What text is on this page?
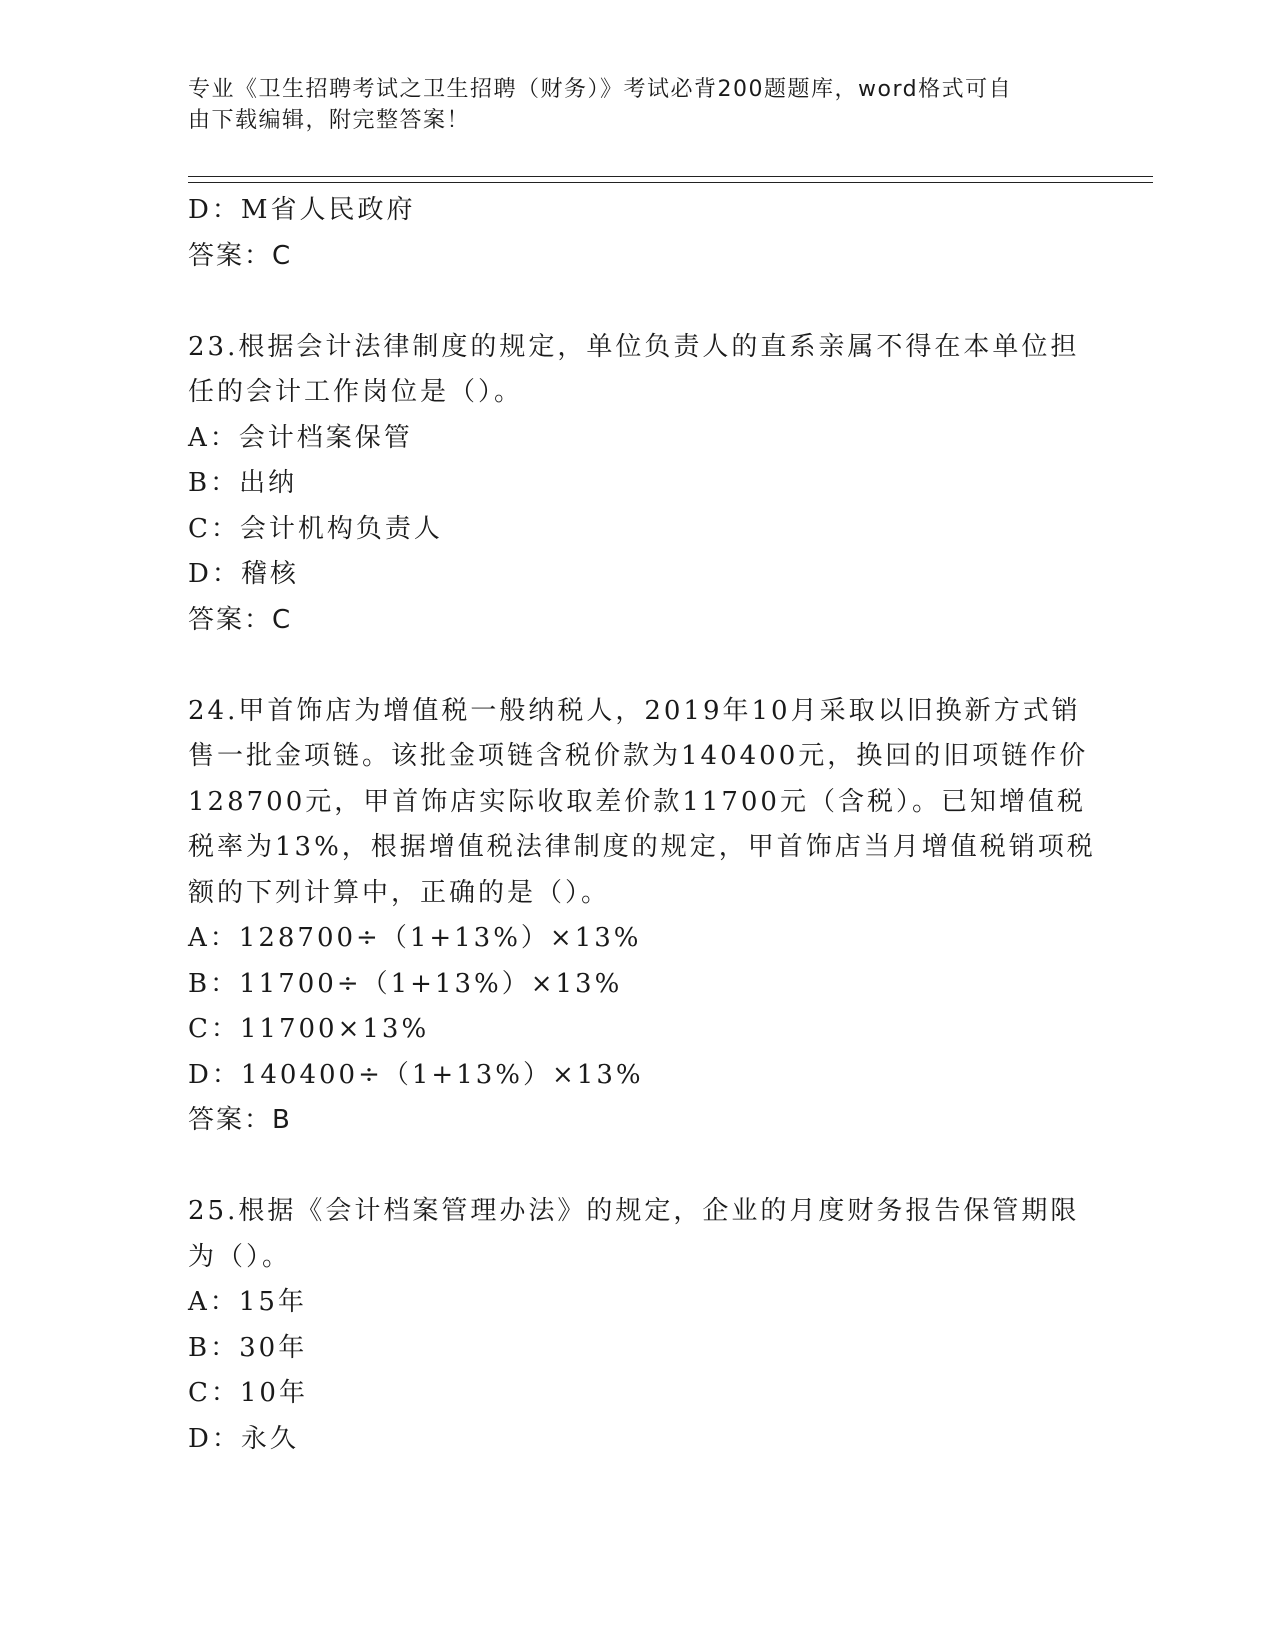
专业《卫生招聘考试之卫生招聘（财务）》考试必背200题题库，word格式可自
由下载编辑，附完整答案！
D：M省人民政府
答案：C
23.根据会计法律制度的规定，单位负责人的直系亲属不得在本单位担
任的会计工作岗位是（）。
A：会计档案保管
B：出纳
C：会计机构负责人
D：稽核
答案：C
24.甲首饰店为增值税一般纳税人，2019年10月采取以旧换新方式销
售一批金项链。该批金项链含税价款为140400元，换回的旧项链作价
128700元，甲首饰店实际收取差价款11700元（含税）。已知增值税
税率为13%，根据增值税法律制度的规定，甲首饰店当月增值税销项税
额的下列计算中，正确的是（）。
A：128700÷（1+13%）×13%
B：11700÷（1+13%）×13%
C：11700×13%
D：140400÷（1+13%）×13%
答案：B
25.根据《会计档案管理办法》的规定，企业的月度财务报告保管期限
为（）。
A：15年
B：30年
C：10年
D：永久
